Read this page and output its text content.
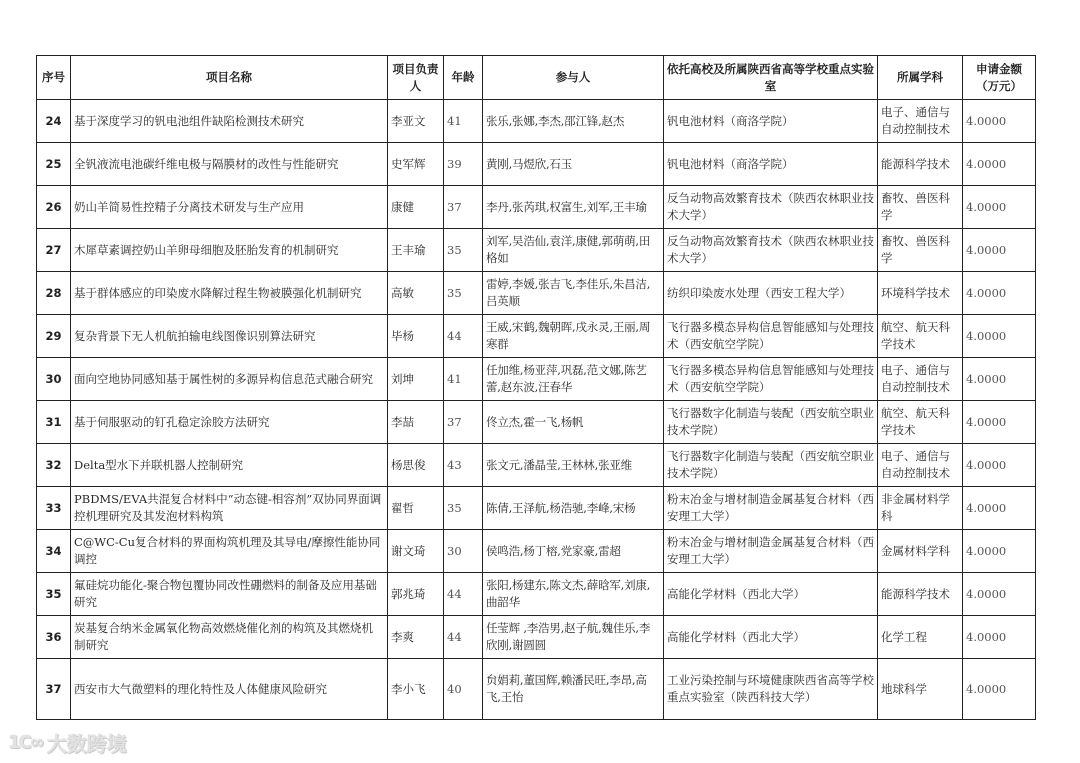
序号	项目名称	项目负责人	年龄	参与人	依托高校及所属陕西省高等学校重点实验室	所属学科	申请金额（万元）
24	基于深度学习的钒电池组件缺陷检测技术研究	李亚文	41	张乐,张娜,李杰,邵江锋,赵杰	钒电池材料（商洛学院）	电子、通信与自动控制技术	4.0000
25	全钒液流电池碳纤维电极与隔膜材的改性与性能研究	史军辉	39	黄刚,马煜欣,石玉	钒电池材料（商洛学院）	能源科学技术	4.0000
26	奶山羊简易性控精子分离技术研发与生产应用	康健	37	李丹,张芮琪,权富生,刘军,王丰瑜	反刍动物高效繁育技术（陕西农林职业技术大学）	畜牧、兽医科学	4.0000
27	木犀草素调控奶山羊卵母细胞及胚胎发育的机制研究	王丰瑜	35	刘军,吴浩仙,袁洋,康健,郭萌萌,田格如	反刍动物高效繁育技术（陕西农林职业技术大学）	畜牧、兽医科学	4.0000
28	基于群体感应的印染废水降解过程生物被膜强化机制研究	高敏	35	雷婷,李媛,张吉飞,李佳乐,朱昌洁,吕英顺	纺织印染废水处理（西安工程大学）	环境科学技术	4.0000
29	复杂背景下无人机航拍输电线图像识别算法研究	毕杨	44	王威,宋鹤,魏朝晖,戌永灵,王丽,周寒群	飞行器多模态异构信息智能感知与处理技术（西安航空学院）	航空、航天科学技术	4.0000
30	面向空地协同感知基于属性树的多源异构信息范式融合研究	刘坤	41	任加维,杨亚萍,巩磊,范文娜,陈艺蕾,赵东波,汪春华	飞行器多模态异构信息智能感知与处理技术（西安航空学院）	电子、通信与自动控制技术	4.0000
31	基于伺服驱动的钉孔稳定涂胶方法研究	李喆	37	佟立杰,霍一飞,杨帆	飞行器数字化制造与装配（西安航空职业技术学院）	航空、航天科学技术	4.0000
32	Delta型水下并联机器人控制研究	杨思俊	43	张文元,潘晶莹,王林林,张亚维	飞行器数字化制造与装配（西安航空职业技术学院）	电子、通信与自动控制技术	4.0000
33	PBDMS/EVA共混复合材料中“动态键-相容剂”双协同界面调控机理研究及其发泡材料构筑	翟哲	35	陈倩,王泽航,杨浩驰,李峰,宋杨	粉末冶金与增材制造金属基复合材料（西安理工大学）	非金属材料学科	4.0000
34	C@WC-Cu复合材料的界面构筑机理及其导电/摩擦性能协同调控	谢文琦	30	侯鸣浩,杨丁榕,党家豪,雷超	粉末冶金与增材制造金属基复合材料（西安理工大学）	金属材料学科	4.0000
35	氟硅烷功能化-聚合物包覆协同改性硼燃料的制备及应用基础研究	郭兆琦	44	张阳,杨建东,陈文杰,薛晗军,刘康,曲韶华	高能化学材料（西北大学）	能源科学技术	4.0000
36	炭基复合纳米金属氧化物高效燃烧催化剂的构筑及其燃烧机制研究	李爽	44	任莹辉 ,李浩男,赵子航,魏佳乐,李欣刚,谢圆圆	高能化学材料（西北大学）	化学工程	4.0000
37	西安市大气微塑料的理化特性及人体健康风险研究	李小飞	40	贠娟莉,董国辉,赖潘民旺,李昂,高飞,王怡	工业污染控制与环境健康陕西省高等学校重点实验室（陕西科技大学）	地球科学	4.0000
1C∞ 大数跨境
